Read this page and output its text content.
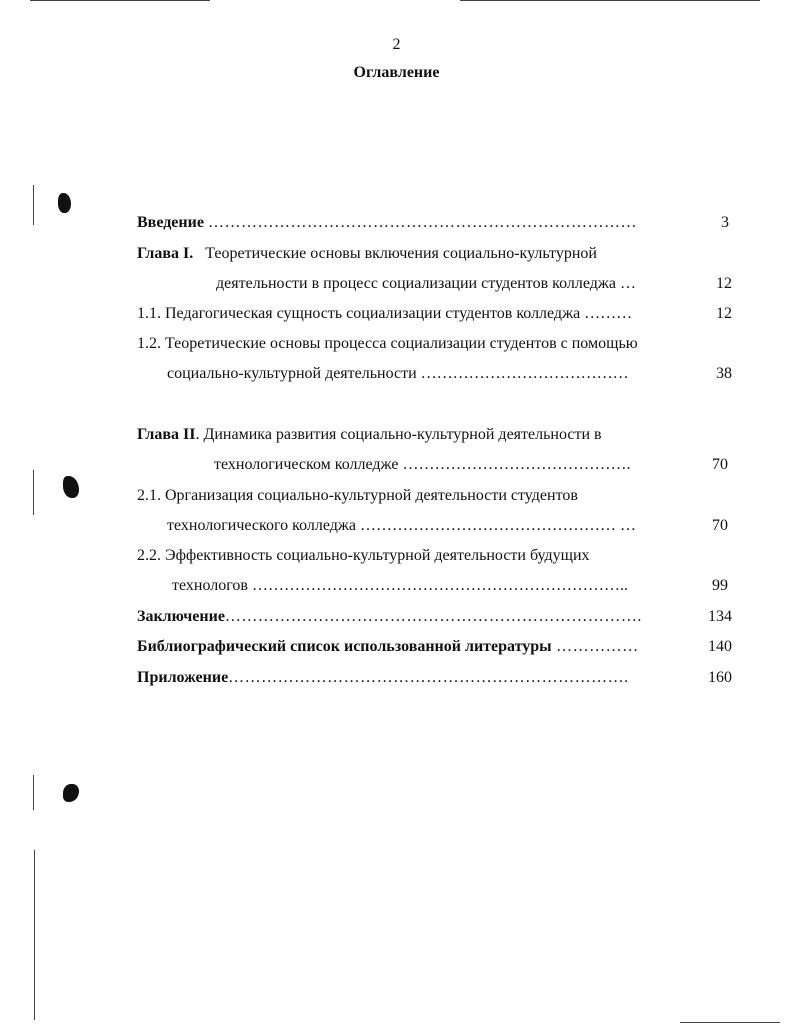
2
Оглавление
Введение ……………………………………………………………………	3
Глава I. Теоретические основы включения социально-культурной
деятельности в процесс социализации студентов колледжа …	12
1.1. Педагогическая сущность социализации студентов колледжа ………	12
1.2. Теоретические основы процесса социализации студентов с помощью
социально-культурной деятельности …………………………………	38
Глава II. Динамика развития социально-культурной деятельности в
технологическом колледже …………………………………….	70
2.1. Организация социально-культурной деятельности студентов
технологического колледжа ………………………………………… …	70
2.2. Эффективность социально-культурной деятельности будущих
технологов ……………………………………………………………..	99
Заключение………………………………………………………………….	134
Библиографический список использованной литературы ……………	140
Приложение……………………………………………………………….	160
